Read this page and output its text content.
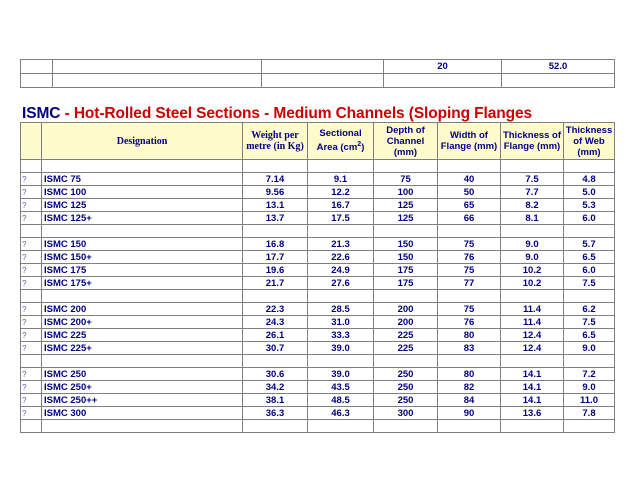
			20	52.0

ISMC - Hot-Rolled Steel Sections - Medium Channels (Sloping Flanges
	Designation	Weight per metre (in Kg)	Sectional Area $(cm^2)$	Depth of Channel (mm)	Width of Flange (mm)	Thickness of Flange (mm)	Thickness of Web (mm)

?	ISMC 75	7.14	9.1	75	40	7.5	4.8
?	ISMC 100	9.56	12.2	100	50	7.7	5.0
?	ISMC 125	13.1	16.7	125	65	8.2	5.3
?	ISMC 125+	13.7	17.5	125	66	8.1	6.0

?	ISMC 150	16.8	21.3	150	75	9.0	5.7
?	ISMC 150+	17.7	22.6	150	76	9.0	6.5
?	ISMC 175	19.6	24.9	175	75	10.2	6.0
?	ISMC 175+	21.7	27.6	175	77	10.2	7.5

?	ISMC 200	22.3	28.5	200	75	11.4	6.2
?	ISMC 200+	24.3	31.0	200	76	11.4	7.5
?	ISMC 225	26.1	33.3	225	80	12.4	6.5
?	ISMC 225+	30.7	39.0	225	83	12.4	9.0

?	ISMC 250	30.6	39.0	250	80	14.1	7.2
?	ISMC 250+	34.2	43.5	250	82	14.1	9.0
?	ISMC 250++	38.1	48.5	250	84	14.1	11.0
?	ISMC 300	36.3	46.3	300	90	13.6	7.8
